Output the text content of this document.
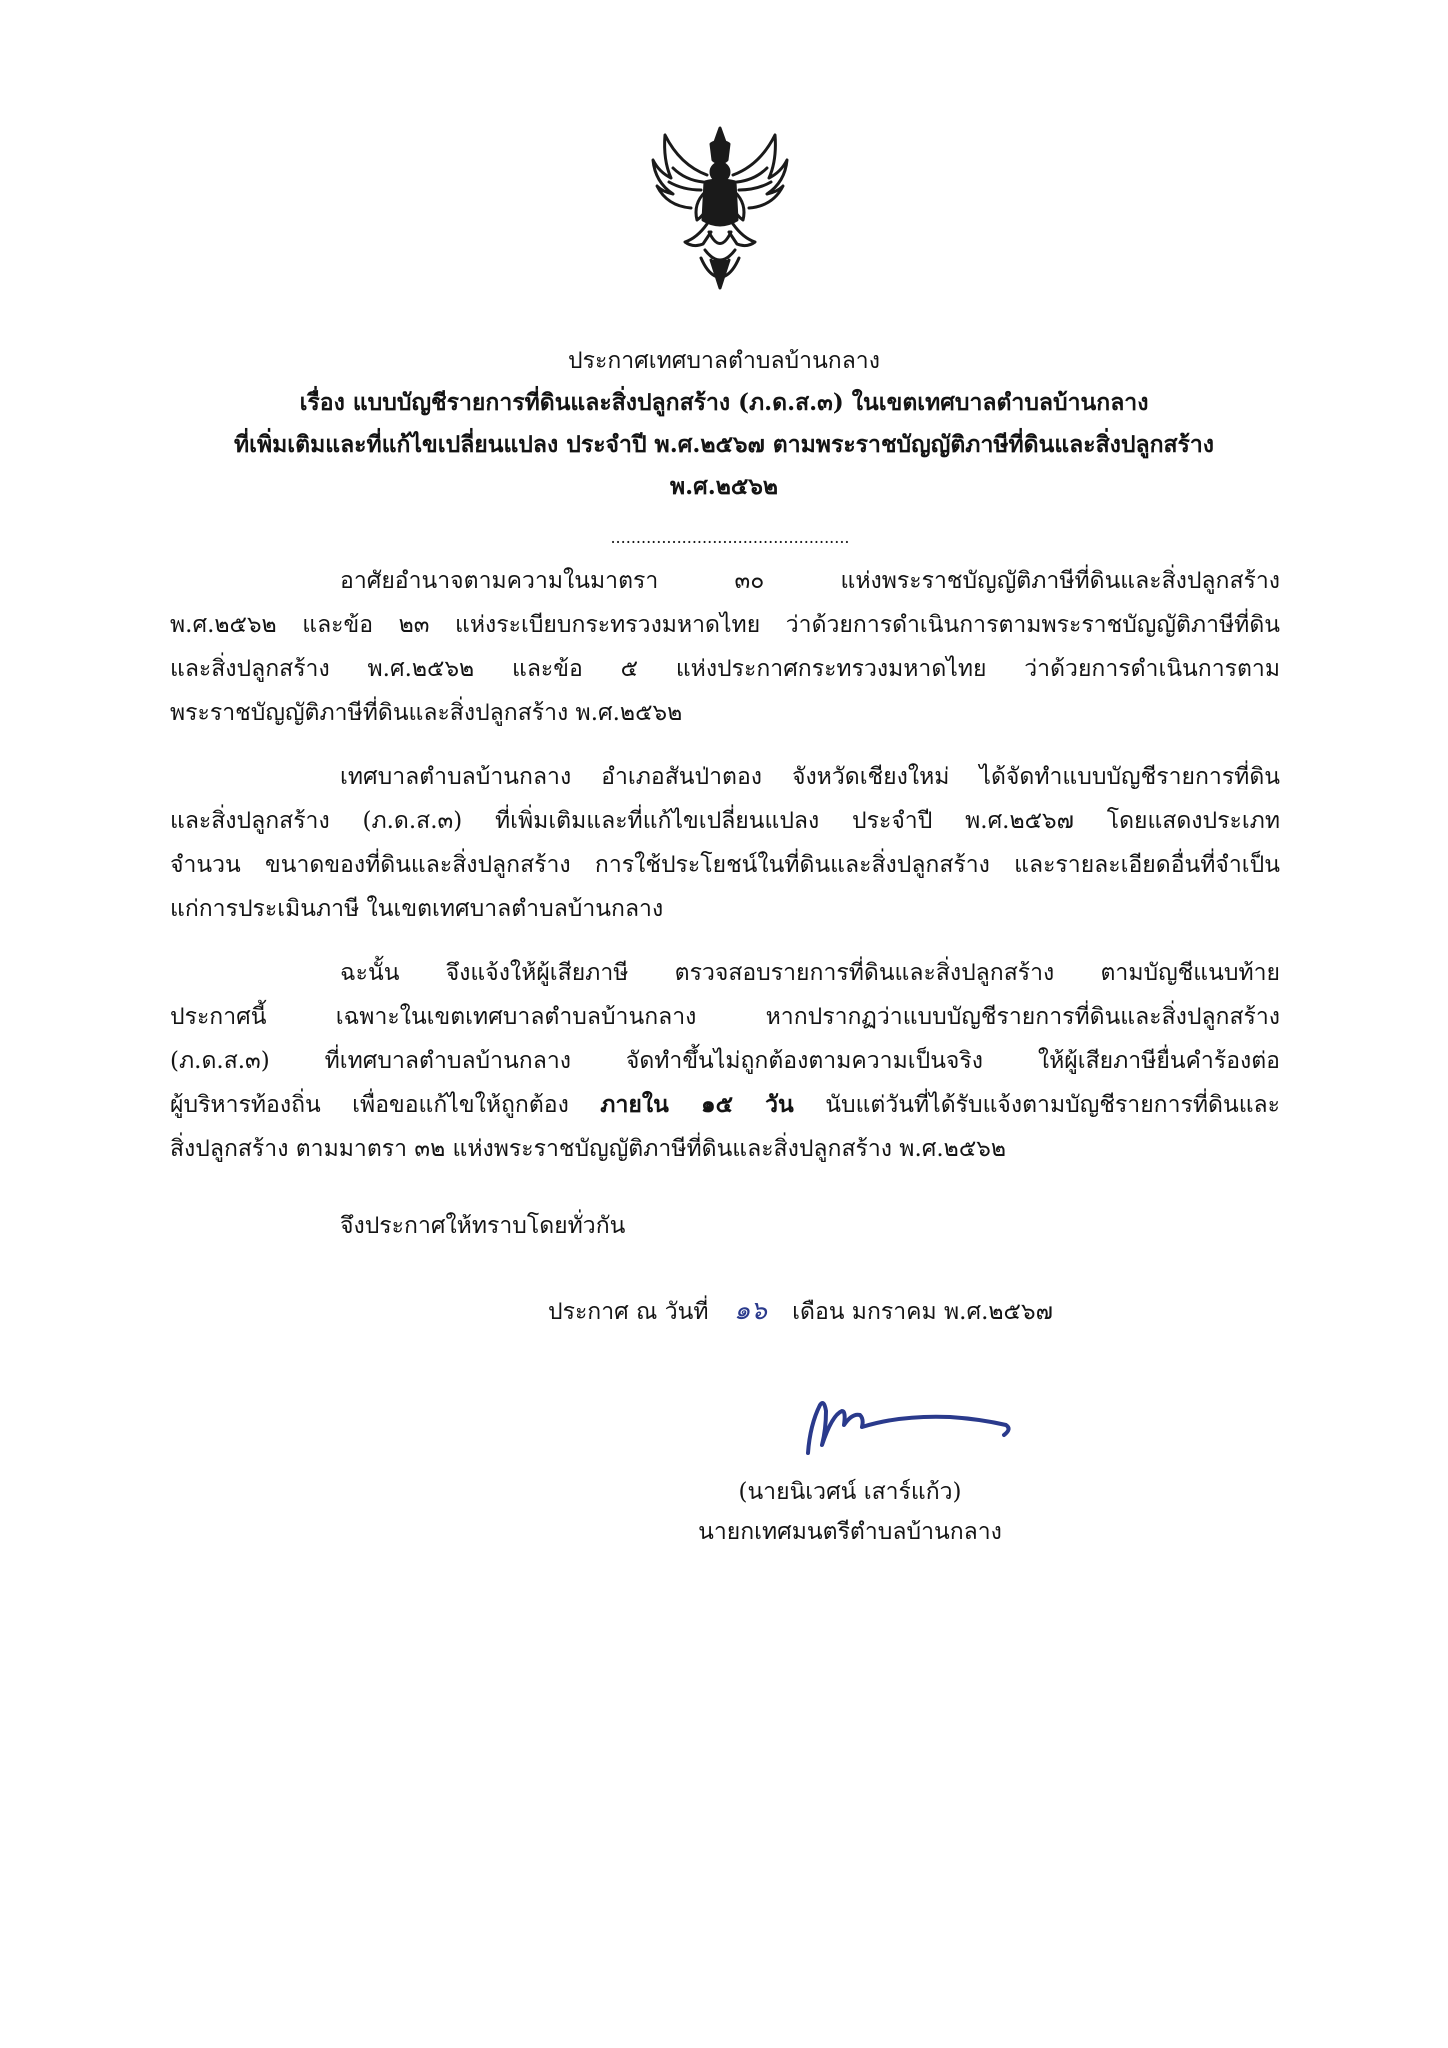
ประกาศเทศบาลตำบลบ้านกลาง
เรื่อง แบบบัญชีรายการที่ดินและสิ่งปลูกสร้าง (ภ.ด.ส.๓) ในเขตเทศบาลตำบลบ้านกลาง
ที่เพิ่มเติมและที่แก้ไขเปลี่ยนแปลง ประจำปี พ.ศ.๒๕๖๗ ตามพระราชบัญญัติภาษีที่ดินและสิ่งปลูกสร้าง
พ.ศ.๒๕๖๒
...............................................
อาศัยอำนาจตามความในมาตรา ๓๐ แห่งพระราชบัญญัติภาษีที่ดินและสิ่งปลูกสร้าง
พ.ศ.๒๕๖๒ และข้อ ๒๓ แห่งระเบียบกระทรวงมหาดไทย ว่าด้วยการดำเนินการตามพระราชบัญญัติภาษีที่ดิน
และสิ่งปลูกสร้าง พ.ศ.๒๕๖๒ และข้อ ๕ แห่งประกาศกระทรวงมหาดไทย ว่าด้วยการดำเนินการตาม
พระราชบัญญัติภาษีที่ดินและสิ่งปลูกสร้าง พ.ศ.๒๕๖๒
เทศบาลตำบลบ้านกลาง อำเภอสันป่าตอง จังหวัดเชียงใหม่ ได้จัดทำแบบบัญชีรายการที่ดิน
และสิ่งปลูกสร้าง (ภ.ด.ส.๓) ที่เพิ่มเติมและที่แก้ไขเปลี่ยนแปลง ประจำปี พ.ศ.๒๕๖๗ โดยแสดงประเภท
จำนวน ขนาดของที่ดินและสิ่งปลูกสร้าง การใช้ประโยชน์ในที่ดินและสิ่งปลูกสร้าง และรายละเอียดอื่นที่จำเป็น
แก่การประเมินภาษี ในเขตเทศบาลตำบลบ้านกลาง
ฉะนั้น จึงแจ้งให้ผู้เสียภาษี ตรวจสอบรายการที่ดินและสิ่งปลูกสร้าง ตามบัญชีแนบท้าย
ประกาศนี้ เฉพาะในเขตเทศบาลตำบลบ้านกลาง หากปรากฏว่าแบบบัญชีรายการที่ดินและสิ่งปลูกสร้าง
(ภ.ด.ส.๓) ที่เทศบาลตำบลบ้านกลาง จัดทำขึ้นไม่ถูกต้องตามความเป็นจริง ให้ผู้เสียภาษียื่นคำร้องต่อ
ผู้บริหารท้องถิ่น เพื่อขอแก้ไขให้ถูกต้อง ภายใน ๑๕ วัน นับแต่วันที่ได้รับแจ้งตามบัญชีรายการที่ดินและ
สิ่งปลูกสร้าง ตามมาตรา ๓๒ แห่งพระราชบัญญัติภาษีที่ดินและสิ่งปลูกสร้าง พ.ศ.๒๕๖๒
จึงประกาศให้ทราบโดยทั่วกัน
ประกาศ ณ วันที่ ๑๖ เดือน มกราคม พ.ศ.๒๕๖๗
(นายนิเวศน์ เสาร์แก้ว)
นายกเทศมนตรีตำบลบ้านกลาง
